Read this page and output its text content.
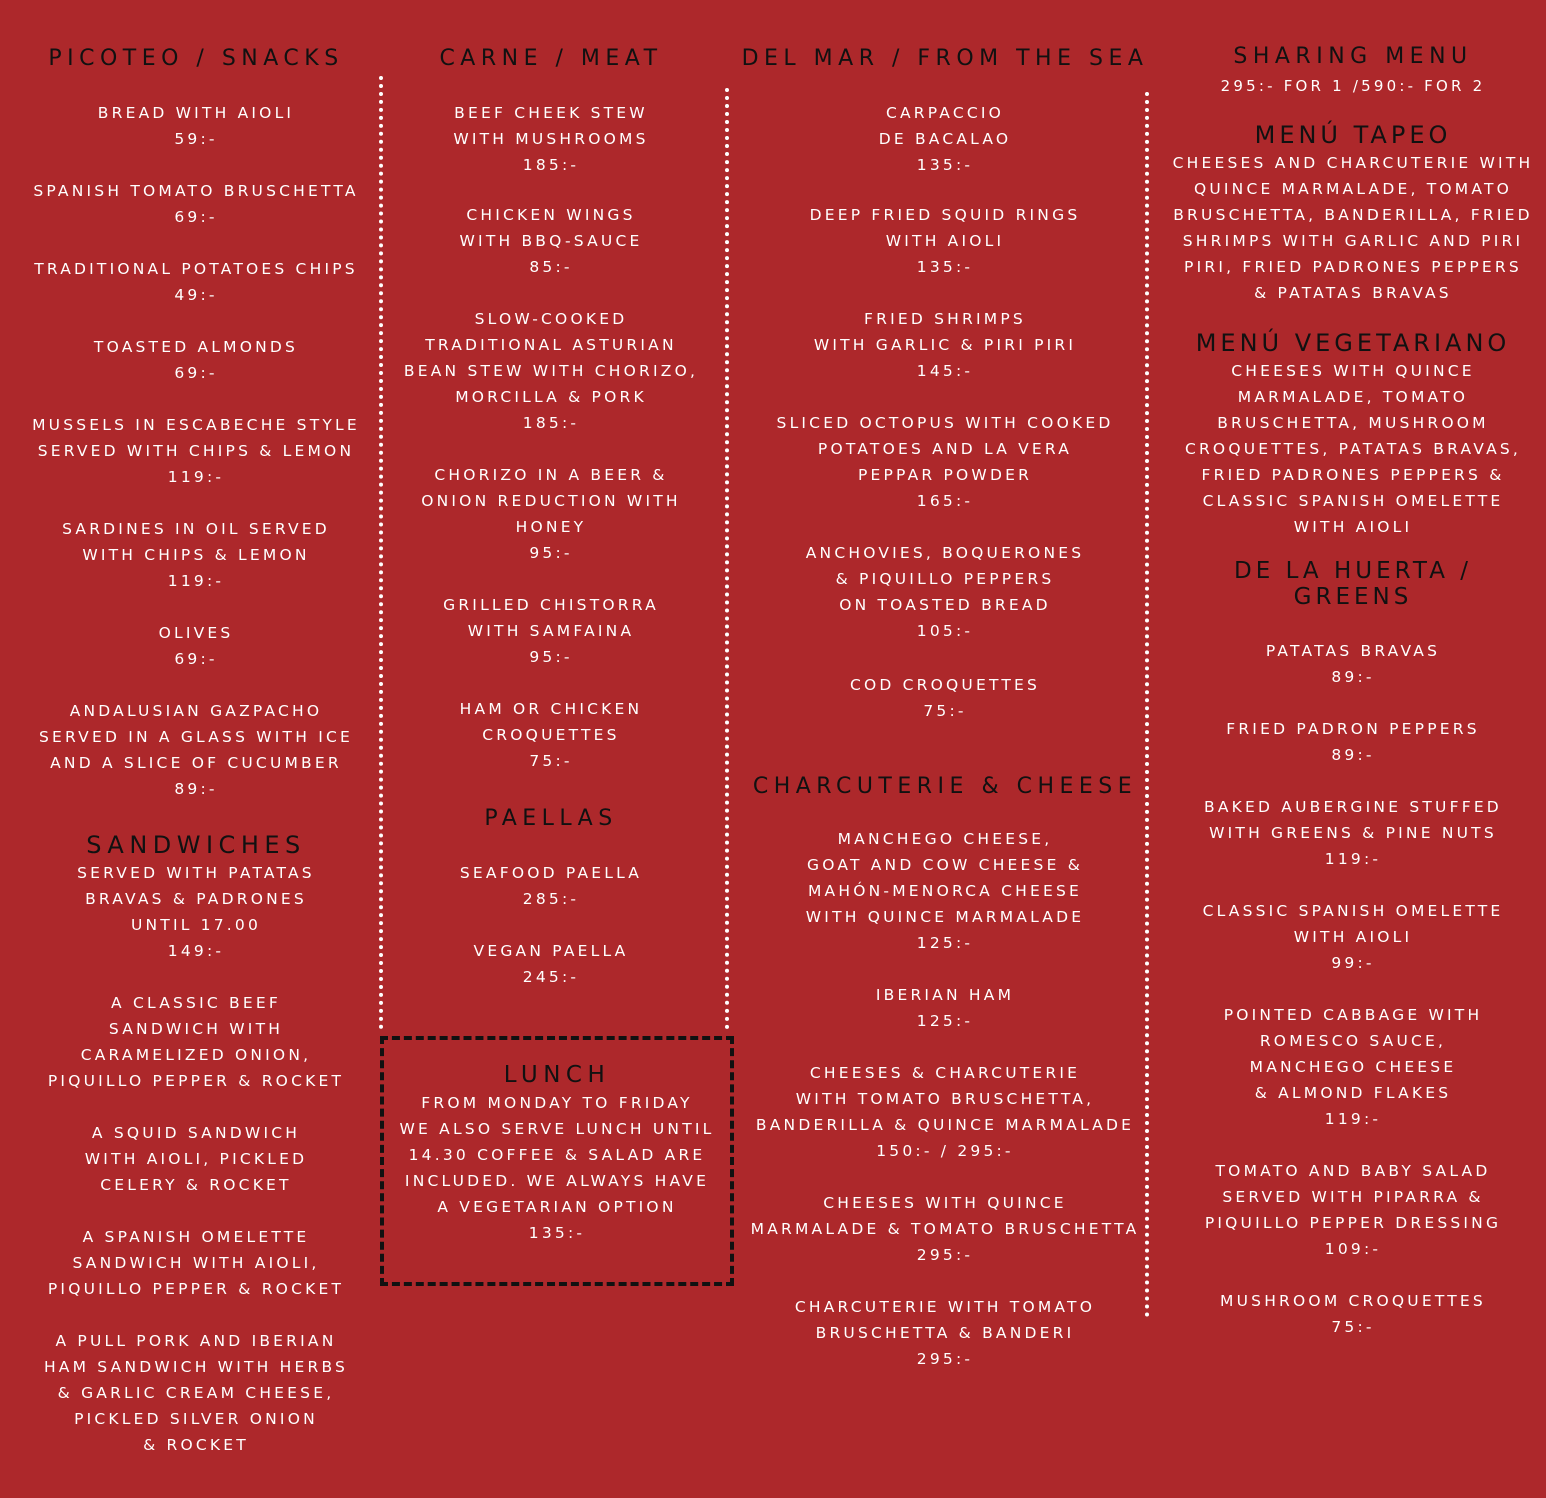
PICOTEO / SNACKS
BREAD WITH AIOLI
59:-
SPANISH TOMATO BRUSCHETTA
69:-
TRADITIONAL POTATOES CHIPS
49:-
TOASTED ALMONDS
69:-
MUSSELS IN ESCABECHE STYLE
SERVED WITH CHIPS & LEMON
119:-
SARDINES IN OIL SERVED
WITH CHIPS & LEMON
119:-
OLIVES
69:-
ANDALUSIAN GAZPACHO
SERVED IN A GLASS WITH ICE
AND A SLICE OF CUCUMBER
89:-
SANDWICHES
SERVED WITH PATATAS
BRAVAS & PADRONES
UNTIL 17.00
149:-
A CLASSIC BEEF
SANDWICH WITH
CARAMELIZED ONION,
PIQUILLO PEPPER & ROCKET
A SQUID SANDWICH
WITH AIOLI, PICKLED
CELERY & ROCKET
A SPANISH OMELETTE
SANDWICH WITH AIOLI,
PIQUILLO PEPPER & ROCKET
A PULL PORK AND IBERIAN
HAM SANDWICH WITH HERBS
& GARLIC CREAM CHEESE,
PICKLED SILVER ONION
& ROCKET
CARNE / MEAT
BEEF CHEEK STEW
WITH MUSHROOMS
185:-
CHICKEN WINGS
WITH BBQ-SAUCE
85:-
SLOW-COOKED
TRADITIONAL ASTURIAN
BEAN STEW WITH CHORIZO,
MORCILLA & PORK
185:-
CHORIZO IN A BEER &
ONION REDUCTION WITH
HONEY
95:-
GRILLED CHISTORRA
WITH SAMFAINA
95:-
HAM OR CHICKEN
CROQUETTES
75:-
PAELLAS
SEAFOOD PAELLA
285:-
VEGAN PAELLA
245:-
LUNCH
FROM MONDAY TO FRIDAY
WE ALSO SERVE LUNCH UNTIL
14.30 COFFEE & SALAD ARE
INCLUDED. WE ALWAYS HAVE
A VEGETARIAN OPTION
135:-
DEL MAR / FROM THE SEA
CARPACCIO
DE BACALAO
135:-
DEEP FRIED SQUID RINGS
WITH AIOLI
135:-
FRIED SHRIMPS
WITH GARLIC & PIRI PIRI
145:-
SLICED OCTOPUS WITH COOKED
POTATOES AND LA VERA
PEPPAR POWDER
165:-
ANCHOVIES, BOQUERONES
& PIQUILLO PEPPERS
ON TOASTED BREAD
105:-
COD CROQUETTES
75:-
CHARCUTERIE & CHEESE
MANCHEGO CHEESE,
GOAT AND COW CHEESE &
MAHÓN-MENORCA CHEESE
WITH QUINCE MARMALADE
125:-
IBERIAN HAM
125:-
CHEESES & CHARCUTERIE
WITH TOMATO BRUSCHETTA,
BANDERILLA & QUINCE MARMALADE
150:- / 295:-
CHEESES WITH QUINCE
MARMALADE & TOMATO BRUSCHETTA
295:-
CHARCUTERIE WITH TOMATO
BRUSCHETTA & BANDERI
295:-
SHARING MENU
295:- FOR 1 /590:- FOR 2
MENÚ TAPEO
CHEESES AND CHARCUTERIE WITH
QUINCE MARMALADE, TOMATO
BRUSCHETTA, BANDERILLA, FRIED
SHRIMPS WITH GARLIC AND PIRI
PIRI, FRIED PADRONES PEPPERS
& PATATAS BRAVAS
MENÚ VEGETARIANO
CHEESES WITH QUINCE
MARMALADE, TOMATO
BRUSCHETTA, MUSHROOM
CROQUETTES, PATATAS BRAVAS,
FRIED PADRONES PEPPERS &
CLASSIC SPANISH OMELETTE
WITH AIOLI
DE LA HUERTA /
GREENS
PATATAS BRAVAS
89:-
FRIED PADRON PEPPERS
89:-
BAKED AUBERGINE STUFFED
WITH GREENS & PINE NUTS
119:-
CLASSIC SPANISH OMELETTE
WITH AIOLI
99:-
POINTED CABBAGE WITH
ROMESCO SAUCE,
MANCHEGO CHEESE
& ALMOND FLAKES
119:-
TOMATO AND BABY SALAD
SERVED WITH PIPARRA &
PIQUILLO PEPPER DRESSING
109:-
MUSHROOM CROQUETTES
75:-
